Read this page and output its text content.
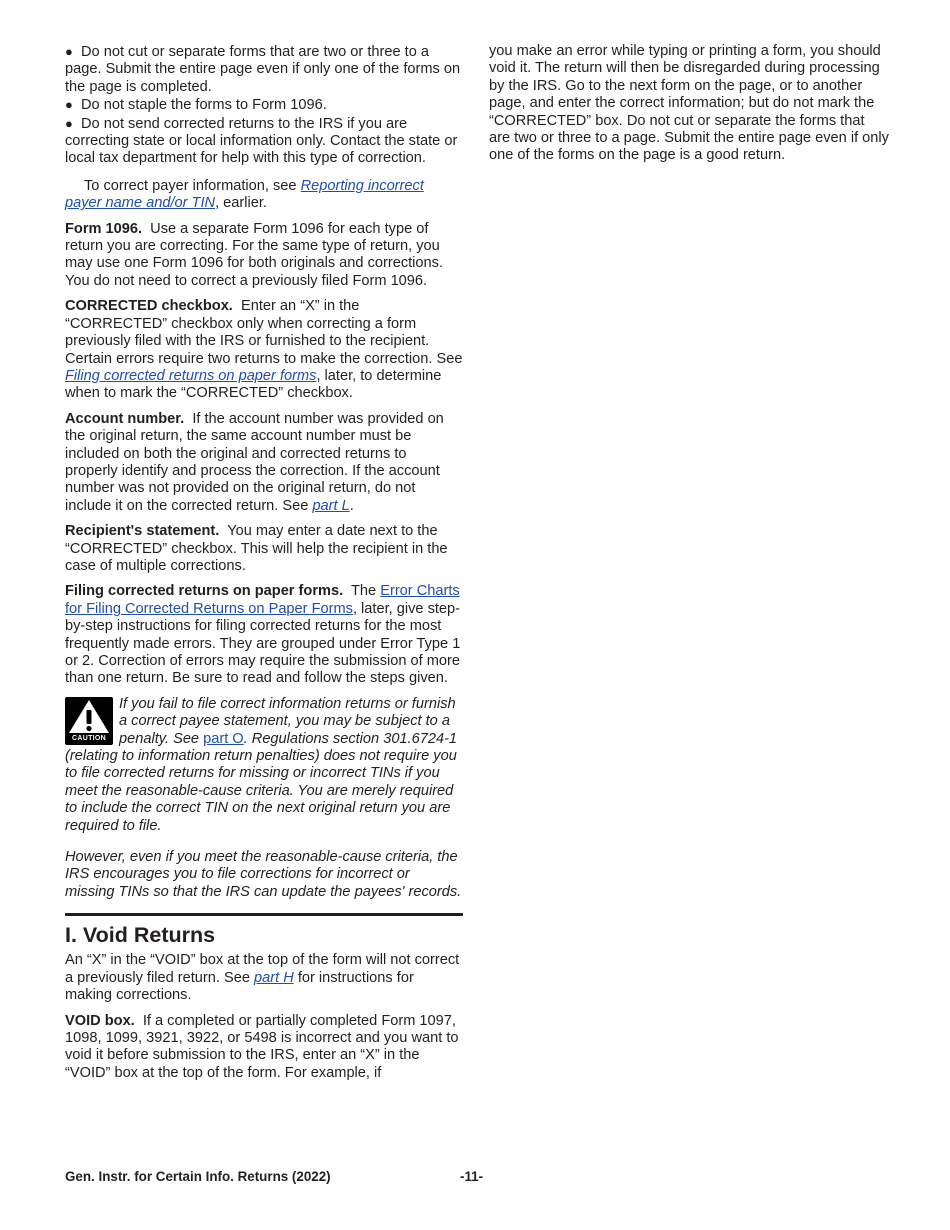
● Do not cut or separate forms that are two or three to a page. Submit the entire page even if only one of the forms on the page is completed.

● Do not staple the forms to Form 1096.

● Do not send corrected returns to the IRS if you are correcting state or local information only. Contact the state or local tax department for help with this type of correction.

To correct payer information, see Reporting incorrect payer name and/or TIN, earlier.

Form 1096. Use a separate Form 1096 for each type of return you are correcting. For the same type of return, you may use one Form 1096 for both originals and corrections. You do not need to correct a previously filed Form 1096.

CORRECTED checkbox. Enter an “X” in the “CORRECTED” checkbox only when correcting a form previously filed with the IRS or furnished to the recipient. Certain errors require two returns to make the correction. See Filing corrected returns on paper forms, later, to determine when to mark the “CORRECTED” checkbox.

Account number. If the account number was provided on the original return, the same account number must be included on both the original and corrected returns to properly identify and process the correction. If the account number was not provided on the original return, do not include it on the corrected return. See part L.

Recipient's statement. You may enter a date next to the “CORRECTED” checkbox. This will help the recipient in the case of multiple corrections.

Filing corrected returns on paper forms. The Error Charts for Filing Corrected Returns on Paper Forms, later, give step-by-step instructions for filing corrected returns for the most frequently made errors. They are grouped under Error Type 1 or 2. Correction of errors may require the submission of more than one return. Be sure to read and follow the steps given.

CAUTION

If you fail to file correct information returns or furnish a correct payee statement, you may be subject to a penalty. See part O. Regulations section 301.6724-1 (relating to information return penalties) does not require you to file corrected returns for missing or incorrect TINs if you meet the reasonable-cause criteria. You are merely required to include the correct TIN on the next original return you are required to file.

However, even if you meet the reasonable-cause criteria, the IRS encourages you to file corrections for incorrect or missing TINs so that the IRS can update the payees' records.

I. Void Returns

An “X” in the “VOID” box at the top of the form will not correct a previously filed return. See part H for instructions for making corrections.

VOID box. If a completed or partially completed Form 1097, 1098, 1099, 3921, 3922, or 5498 is incorrect and you want to void it before submission to the IRS, enter an “X” in the “VOID” box at the top of the form. For example, if

you make an error while typing or printing a form, you should void it. The return will then be disregarded during processing by the IRS. Go to the next form on the page, or to another page, and enter the correct information; but do not mark the “CORRECTED” box. Do not cut or separate the forms that are two or three to a page. Submit the entire page even if only one of the forms on the page is a good return.

Gen. Instr. for Certain Info. Returns (2022)	-11-
